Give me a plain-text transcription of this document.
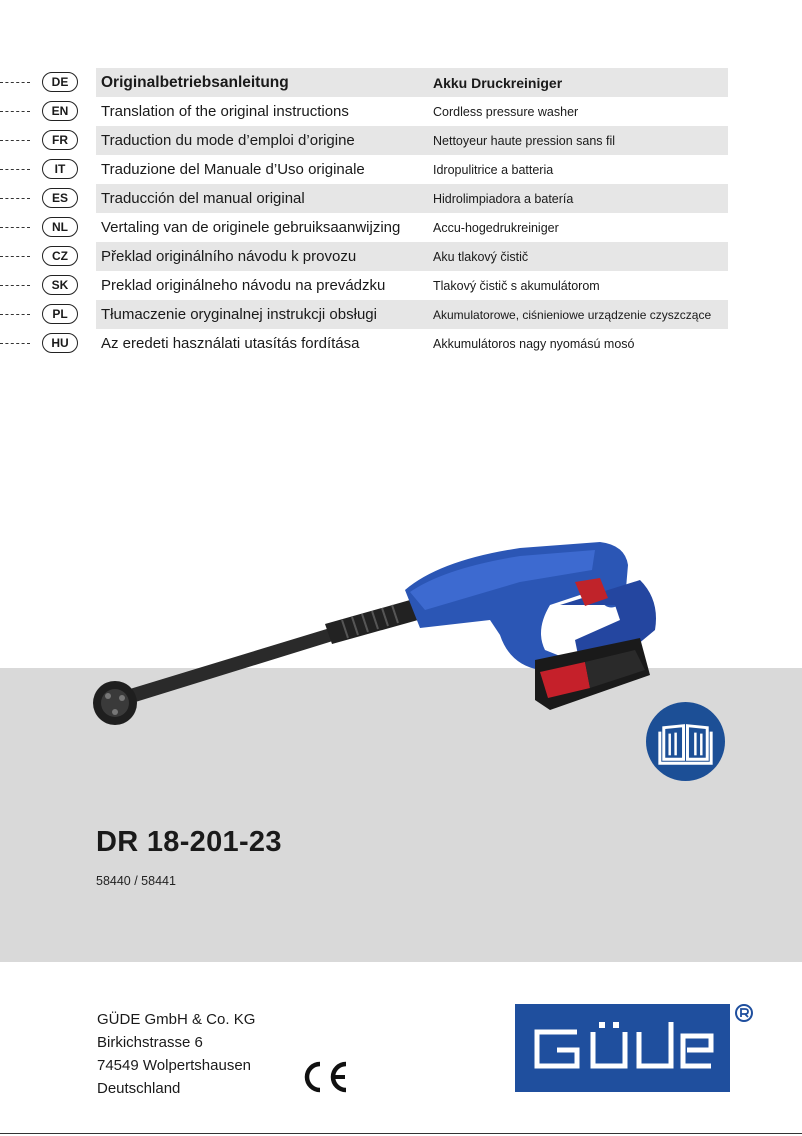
DE	Originalbetriebsanleitung	Akku Druckreiniger
EN	Translation of the original instructions	Cordless pressure washer
FR	Traduction du mode d’emploi d’origine	Nettoyeur haute pression sans fil
IT	Traduzione del Manuale d’Uso originale	Idropulitrice a batteria
ES	Traducción del manual original	Hidrolimpiadora a batería
NL	Vertaling van de originele gebruiksaanwijzing	Accu-hogedrukreiniger
CZ	Překlad originálního návodu k provozu	Aku tlakový čistič
SK	Preklad originálneho návodu na prevádzku	Tlakový čistič s akumulátorom
PL	Tłumaczenie oryginalnej instrukcji obsługi	Akumulatorowe, ciśnieniowe urządzenie czyszczące
HU	Az eredeti használati utasítás fordítása	Akkumulátoros nagy nyomású mosó
DR 18-201-23
58440 / 58441
GÜDE GmbH & Co. KG
Birkichstrasse 6
74549 Wolpertshausen
Deutschland
